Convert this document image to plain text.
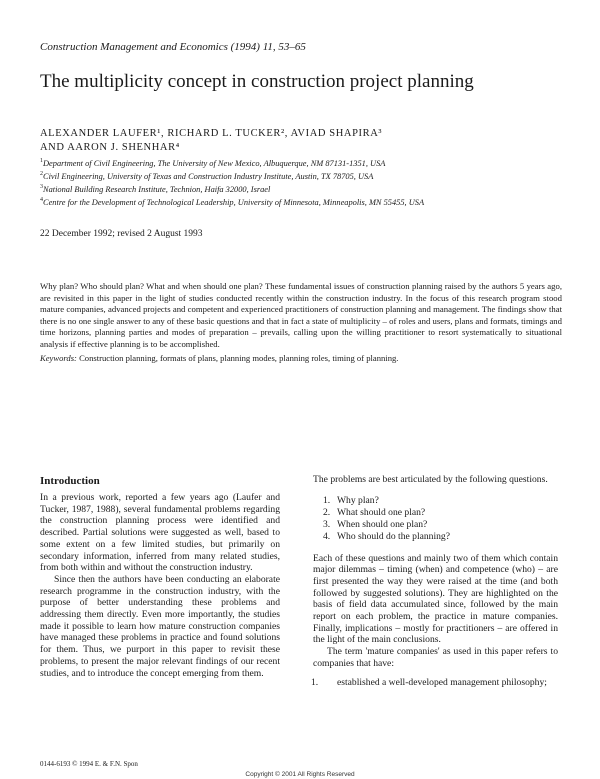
Construction Management and Economics (1994) 11, 53–65
The multiplicity concept in construction project planning
ALEXANDER LAUFER¹, RICHARD L. TUCKER², AVIAD SHAPIRA³
AND AARON J. SHENHAR⁴
$^1$Department of Civil Engineering, The University of New Mexico, Albuquerque, NM 87131-1351, USA
$^2$Civil Engineering, University of Texas and Construction Industry Institute, Austin, TX 78705, USA
$^3$National Building Research Institute, Technion, Haifa 32000, Israel
$^4$Centre for the Development of Technological Leadership, University of Minnesota, Minneapolis, MN 55455, USA
22 December 1992; revised 2 August 1993
Why plan? Who should plan? What and when should one plan? These fundamental issues of construction planning raised by the authors 5 years ago, are revisited in this paper in the light of studies conducted recently within the construction industry. In the focus of this research program stood mature companies, advanced projects and competent and experienced practitioners of construction planning and management. The findings show that there is no one single answer to any of these basic questions and that in fact a state of multiplicity – of roles and users, plans and formats, timings and time horizons, planning parties and modes of preparation – prevails, calling upon the willing practitioner to resort systematically to situational analysis if effective planning is to be accomplished.
Keywords: Construction planning, formats of plans, planning modes, planning roles, timing of planning.
Introduction

In a previous work, reported a few years ago (Laufer and Tucker, 1987, 1988), several fundamental problems regarding the construction planning process were identified and described. Partial solutions were suggested as well, based to some extent on a few limited studies, but primarily on secondary information, inferred from many related studies, from both within and without the construction industry.

Since then the authors have been conducting an elaborate research programme in the construction industry, with the purpose of better understanding these problems and addressing them directly. Even more importantly, the studies made it possible to learn how mature construction companies have managed these problems in practice and found solutions for them. Thus, we purport in this paper to revisit these problems, to present the major relevant findings of our recent studies, and to introduce the concept emerging from them.

The problems are best articulated by the following questions.

1. Why plan?
2. What should one plan?
3. When should one plan?
4. Who should do the planning?

Each of these questions and mainly two of them which contain major dilemmas – timing (when) and competence (who) – are first presented the way they were raised at the time (and both followed by suggested solutions). They are highlighted on the basis of field data accumulated since, followed by the main report on each problem, the practice in mature companies. Finally, implications – mostly for practitioners – are offered in the light of the main conclusions.

The term 'mature companies' as used in this paper refers to companies that have:

1. established a well-developed management philosophy;
0144-6193 © 1994 E. & F.N. Spon
Copyright © 2001 All Rights Reserved
